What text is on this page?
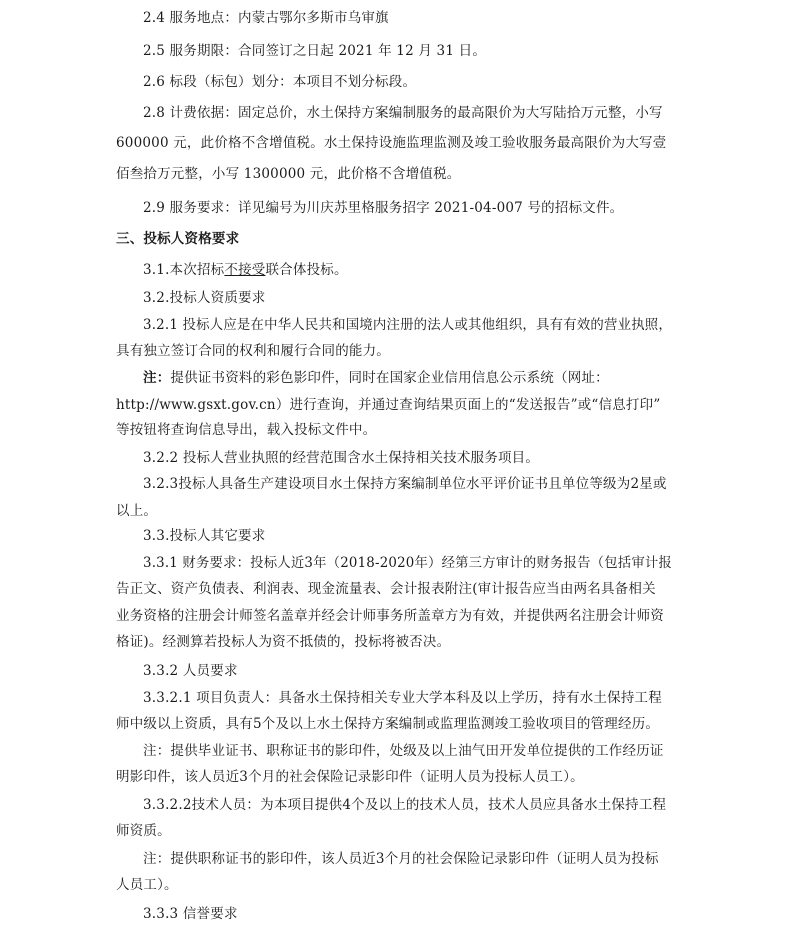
2.4 服务地点：内蒙古鄂尔多斯市乌审旗
2.5 服务期限：合同签订之日起 2021 年 12 月 31 日。
2.6 标段（标包）划分：本项目不划分标段。
2.8 计费依据：固定总价，水土保持方案编制服务的最高限价为大写陆拾万元整，小写
600000 元，此价格不含增值税。水土保持设施监理监测及竣工验收服务最高限价为大写壹
佰叁拾万元整，小写 1300000 元，此价格不含增值税。
2.9 服务要求：详见编号为川庆苏里格服务招字 2021-04-007 号的招标文件。
三、投标人资格要求
3.1.本次招标不接受联合体投标。
3.2.投标人资质要求
3.2.1 投标人应是在中华人民共和国境内注册的法人或其他组织，具有有效的营业执照，
具有独立签订合同的权利和履行合同的能力。
注：提供证书资料的彩色影印件，同时在国家企业信用信息公示系统（网址：
http://www.gsxt.gov.cn）进行查询，并通过查询结果页面上的“发送报告”或“信息打印”
等按钮将查询信息导出，载入投标文件中。
3.2.2 投标人营业执照的经营范围含水土保持相关技术服务项目。
3.2.3投标人具备生产建设项目水土保持方案编制单位水平评价证书且单位等级为2星或
以上。
3.3.投标人其它要求
3.3.1 财务要求：投标人近3年（2018-2020年）经第三方审计的财务报告（包括审计报
告正文、资产负债表、利润表、现金流量表、会计报表附注(审计报告应当由两名具备相关
业务资格的注册会计师签名盖章并经会计师事务所盖章方为有效，并提供两名注册会计师资
格证)。经测算若投标人为资不抵债的，投标将被否决。
3.3.2 人员要求
3.3.2.1 项目负责人：具备水土保持相关专业大学本科及以上学历，持有水土保持工程
师中级以上资质，具有5个及以上水土保持方案编制或监理监测竣工验收项目的管理经历。
注：提供毕业证书、职称证书的影印件，处级及以上油气田开发单位提供的工作经历证
明影印件，该人员近3个月的社会保险记录影印件（证明人员为投标人员工）。
3.3.2.2技术人员：为本项目提供4个及以上的技术人员，技术人员应具备水土保持工程
师资质。
注：提供职称证书的影印件，该人员近3个月的社会保险记录影印件（证明人员为投标
人员工）。
3.3.3 信誉要求
